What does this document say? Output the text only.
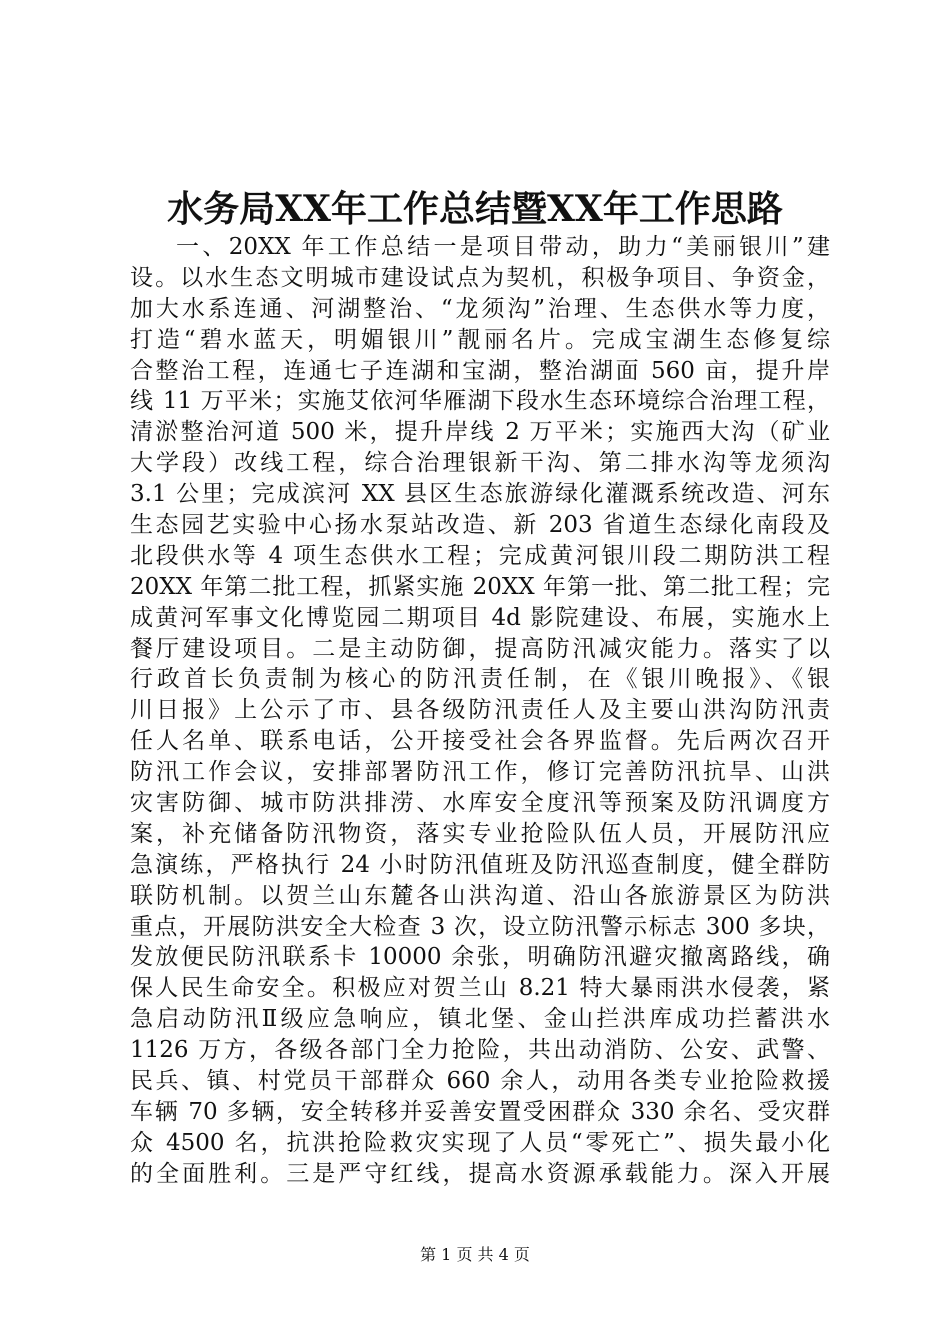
水务局XX年工作总结暨XX年工作思路
一、20XX 年工作总结一是项目带动，助力“美丽银川”建
设。以水生态文明城市建设试点为契机，积极争项目、争资金，
加大水系连通、河湖整治、“龙须沟”治理、生态供水等力度，
打造“碧水蓝天，明媚银川”靓丽名片。完成宝湖生态修复综
合整治工程，连通七子连湖和宝湖，整治湖面 560 亩，提升岸
线 11 万平米；实施艾依河华雁湖下段水生态环境综合治理工程，
清淤整治河道 500 米，提升岸线 2 万平米；实施西大沟（矿业
大学段）改线工程，综合治理银新干沟、第二排水沟等龙须沟
3.1 公里；完成滨河 XX 县区生态旅游绿化灌溉系统改造、河东
生态园艺实验中心扬水泵站改造、新 203 省道生态绿化南段及
北段供水等 4 项生态供水工程；完成黄河银川段二期防洪工程
20XX 年第二批工程，抓紧实施 20XX 年第一批、第二批工程；完
成黄河军事文化博览园二期项目 4d 影院建设、布展，实施水上
餐厅建设项目。二是主动防御，提高防汛减灾能力。落实了以
行政首长负责制为核心的防汛责任制，在《银川晚报》、《银
川日报》上公示了市、县各级防汛责任人及主要山洪沟防汛责
任人名单、联系电话，公开接受社会各界监督。先后两次召开
防汛工作会议，安排部署防汛工作，修订完善防汛抗旱、山洪
灾害防御、城市防洪排涝、水库安全度汛等预案及防汛调度方
案，补充储备防汛物资，落实专业抢险队伍人员，开展防汛应
急演练，严格执行 24 小时防汛值班及防汛巡查制度，健全群防
联防机制。以贺兰山东麓各山洪沟道、沿山各旅游景区为防洪
重点，开展防洪安全大检查 3 次，设立防汛警示标志 300 多块，
发放便民防汛联系卡 10000 余张，明确防汛避灾撤离路线，确
保人民生命安全。积极应对贺兰山 8.21 特大暴雨洪水侵袭，紧
急启动防汛Ⅱ级应急响应，镇北堡、金山拦洪库成功拦蓄洪水
1126 万方，各级各部门全力抢险，共出动消防、公安、武警、
民兵、镇、村党员干部群众 660 余人，动用各类专业抢险救援
车辆 70 多辆，安全转移并妥善安置受困群众 330 余名、受灾群
众 4500 名，抗洪抢险救灾实现了人员“零死亡”、损失最小化
的全面胜利。三是严守红线，提高水资源承载能力。深入开展
第 1 页 共 4 页
